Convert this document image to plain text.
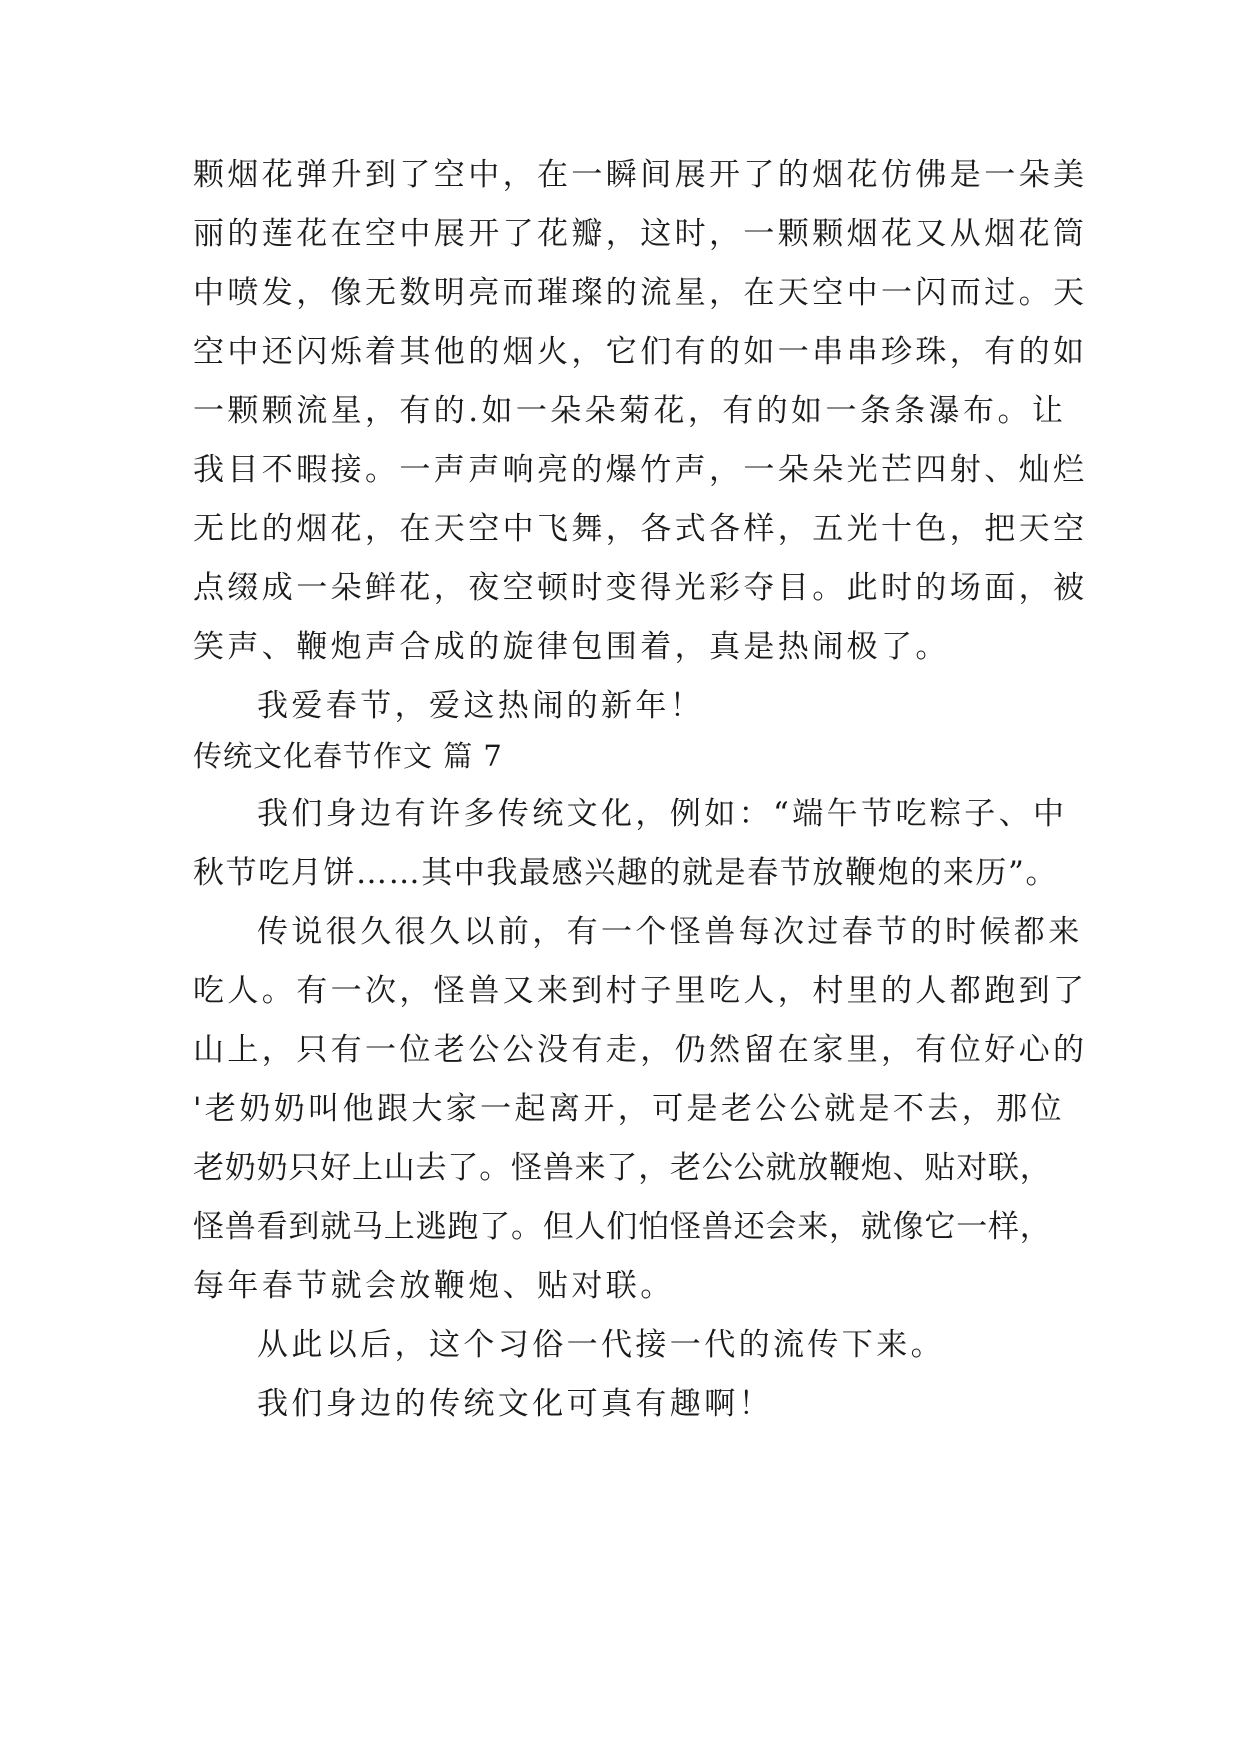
颗烟花弹升到了空中，在一瞬间展开了的烟花仿佛是一朵美
丽的莲花在空中展开了花瓣，这时，一颗颗烟花又从烟花筒
中喷发，像无数明亮而璀璨的流星，在天空中一闪而过。天
空中还闪烁着其他的烟火，它们有的如一串串珍珠，有的如
一颗颗流星，有的.如一朵朵菊花，有的如一条条瀑布。让
我目不暇接。一声声响亮的爆竹声，一朵朵光芒四射、灿烂
无比的烟花，在天空中飞舞，各式各样，五光十色，把天空
点缀成一朵鲜花，夜空顿时变得光彩夺目。此时的场面，被
笑声、鞭炮声合成的旋律包围着，真是热闹极了。
我爱春节，爱这热闹的新年！
传统文化春节作文 篇 7
我们身边有许多传统文化，例如：“端午节吃粽子、中
秋节吃月饼……其中我最感兴趣的就是春节放鞭炮的来历”。
传说很久很久以前，有一个怪兽每次过春节的时候都来
吃人。有一次，怪兽又来到村子里吃人，村里的人都跑到了
山上，只有一位老公公没有走，仍然留在家里，有位好心的
'老奶奶叫他跟大家一起离开，可是老公公就是不去，那位
老奶奶只好上山去了。怪兽来了，老公公就放鞭炮、贴对联，
怪兽看到就马上逃跑了。但人们怕怪兽还会来，就像它一样，
每年春节就会放鞭炮、贴对联。
从此以后，这个习俗一代接一代的流传下来。
我们身边的传统文化可真有趣啊！
